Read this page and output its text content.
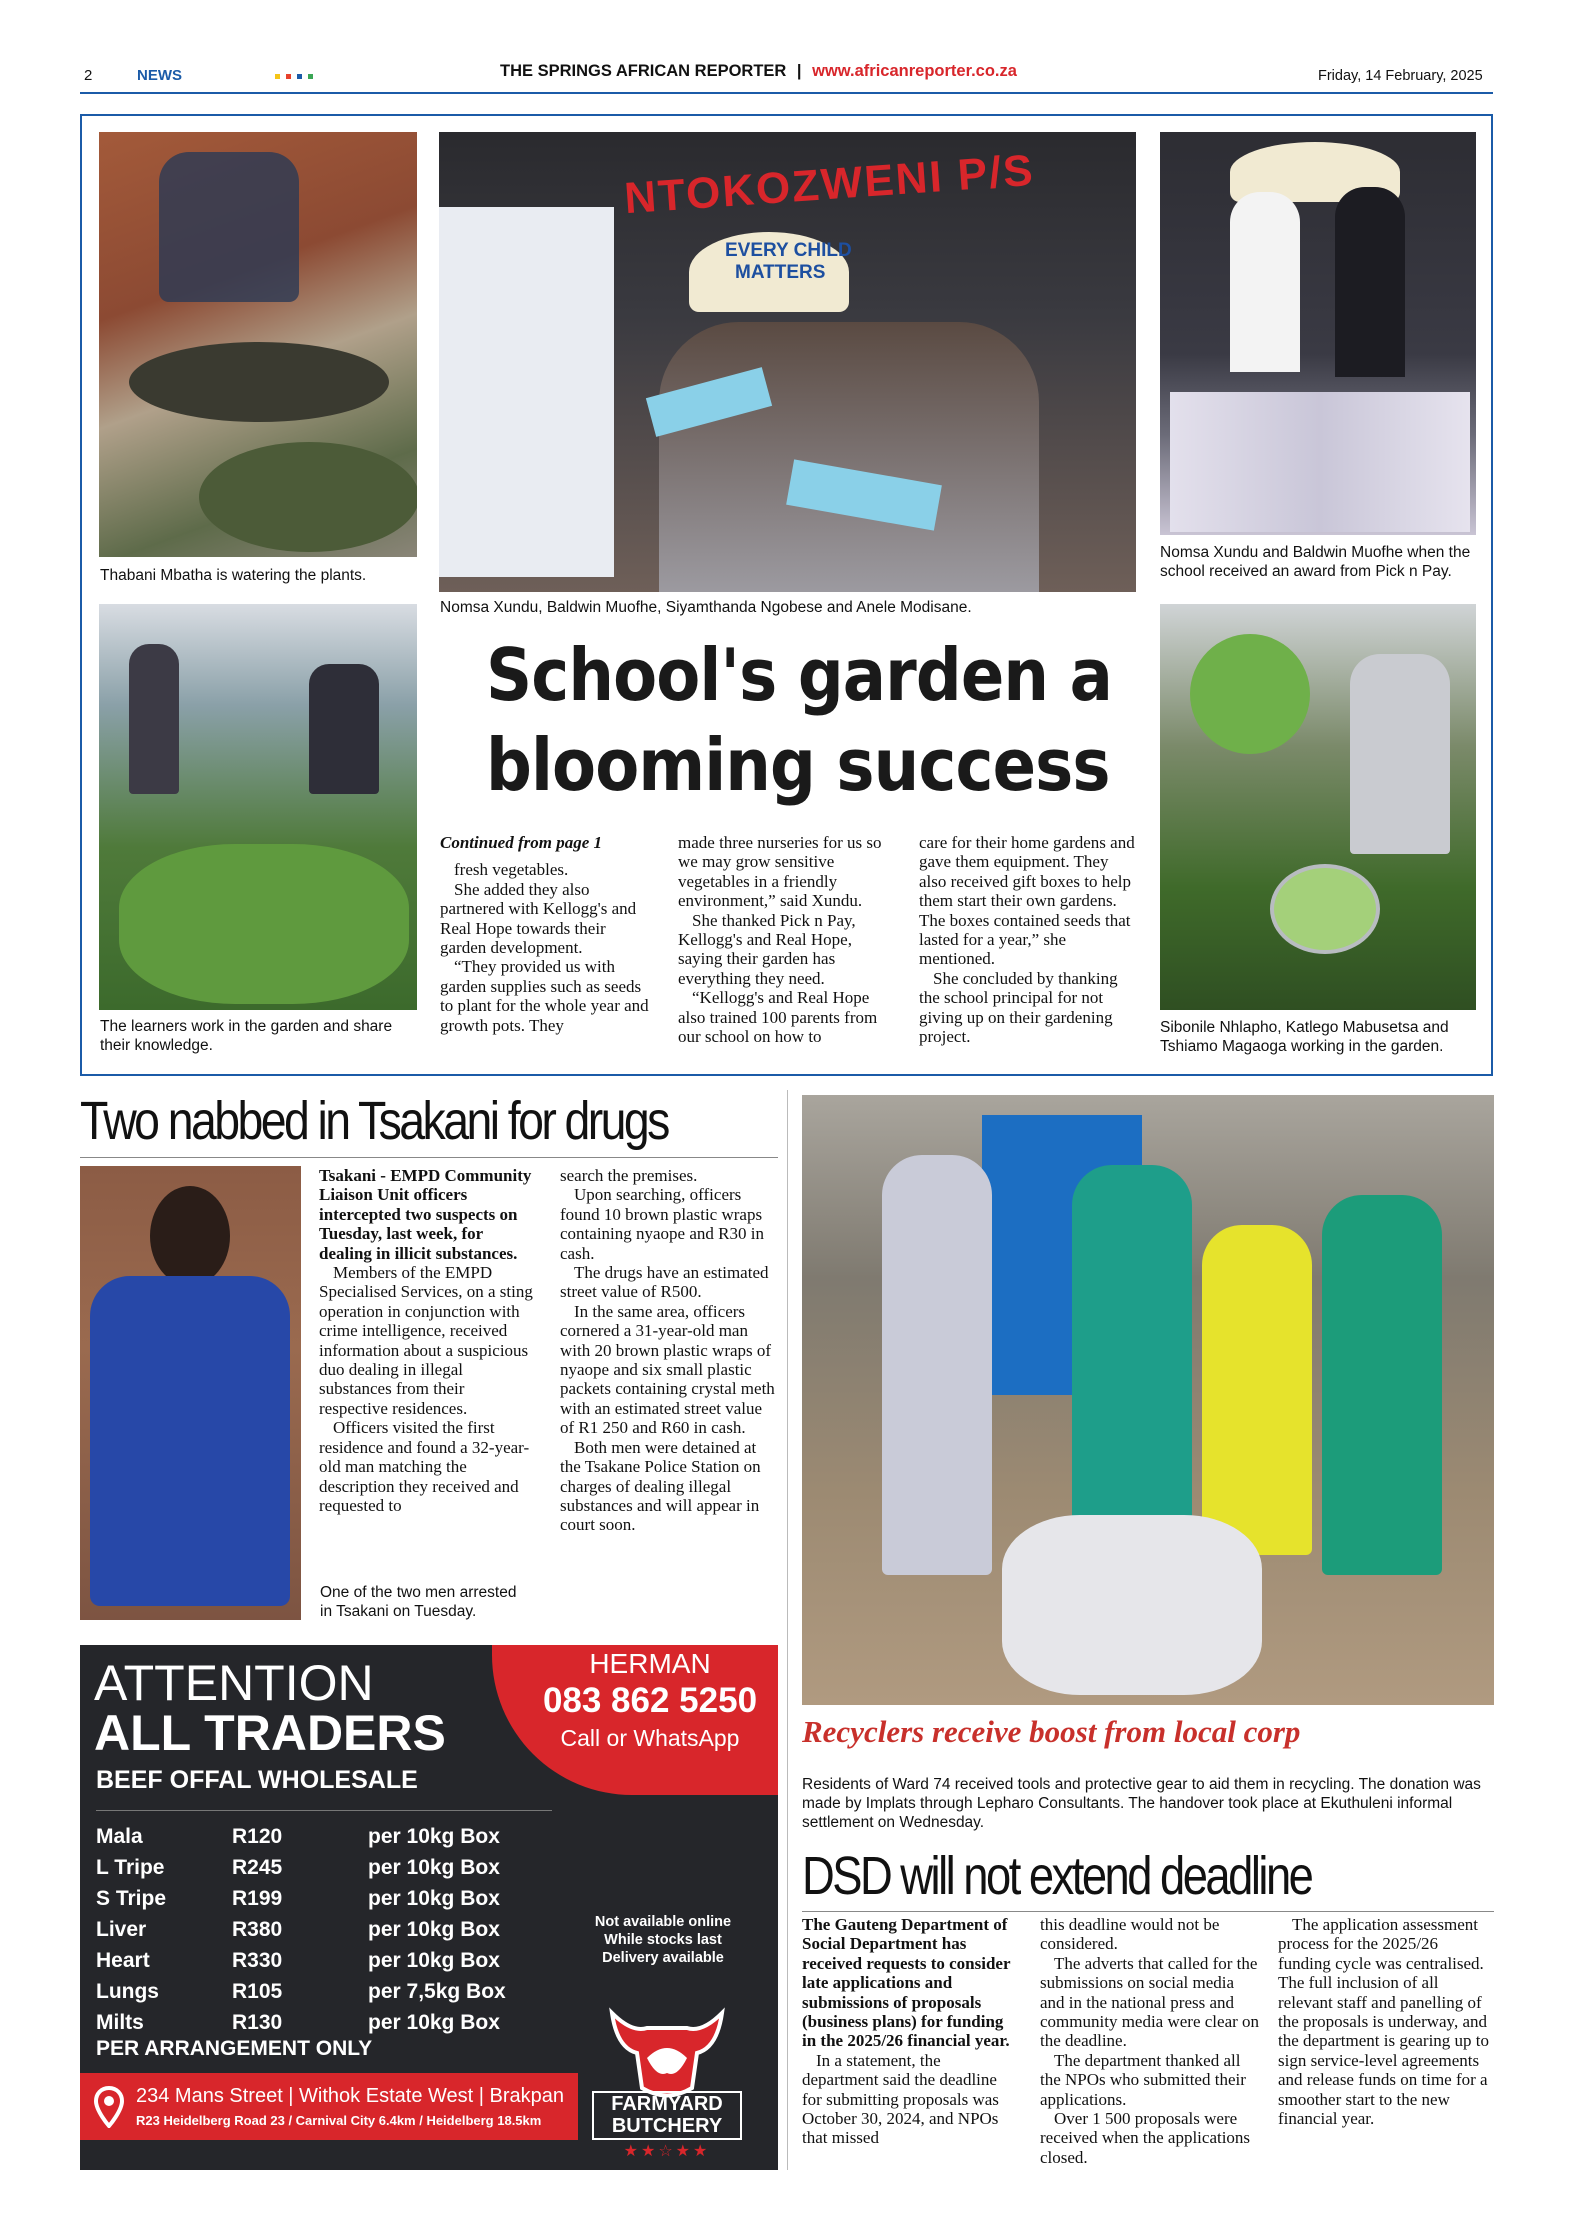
2	NEWS	THE SPRINGS AFRICAN REPORTER | www.africanreporter.co.za	Friday, 14 February, 2025
Thabani Mbatha is watering the plants.
NTOKOZWENI P/S
EVERY CHILD
MATTERS
Nomsa Xundu, Baldwin Muofhe, Siyamthanda Ngobese and Anele Modisane.
Nomsa Xundu and Baldwin Muofhe when the school received an award from Pick n Pay.
The learners work in the garden and share their knowledge.
Sibonile Nhlapho, Katlego Mabusetsa and Tshiamo Magaoga working in the garden.
School's garden a
blooming success

Continued from page 1

fresh vegetables.

She added they also partnered with Kellogg's and Real Hope towards their garden development.

“They provided us with garden supplies such as seeds to plant for the whole year and growth pots. They

made three nurseries for us so we may grow sensitive vegetables in a friendly environment,” said Xundu.

She thanked Pick n Pay, Kellogg's and Real Hope, saying their garden has everything they need.

“Kellogg's and Real Hope also trained 100 parents from our school on how to

care for their home gardens and gave them equipment. They also received gift boxes to help them start their own gardens. The boxes contained seeds that lasted for a year,” she mentioned.

She concluded by thanking the school principal for not giving up on their gardening project.

Two nabbed in Tsakani for drugs

Tsakani - EMPD Community Liaison Unit officers intercepted two suspects on Tuesday, last week, for dealing in illicit substances.

Members of the EMPD Specialised Services, on a sting operation in conjunction with crime intelligence, received information about a suspicious duo dealing in illegal substances from their respective residences.

Officers visited the first residence and found a 32-year-old man matching the description they received and requested to

One of the two men arrested in Tsakani on Tuesday.

search the premises.

Upon searching, officers found 10 brown plastic wraps containing nyaope and R30 in cash.

The drugs have an estimated street value of R500.

In the same area, officers cornered a 31-year-old man with 20 brown plastic wraps of nyaope and six small plastic packets containing crystal meth with an estimated street value of R1 250 and R60 in cash.

Both men were detained at the Tsakane Police Station on charges of dealing illegal substances and will appear in court soon.

Recyclers receive boost from local corp
Residents of Ward 74 received tools and protective gear to aid them in recycling. The donation was made by Implats through Lepharo Consultants. The handover took place at Ekuthuleni informal settlement on Wednesday.
DSD will not extend deadline

The Gauteng Department of Social Department has received requests to consider late applications and submissions of proposals (business plans) for funding in the 2025/26 financial year.

In a statement, the department said the deadline for submitting proposals was October 30, 2024, and NPOs that missed

this deadline would not be considered.

The adverts that called for the submissions on social media and in the national press and community media were clear on the deadline.

The department thanked all the NPOs who submitted their applications.

Over 1 500 proposals were received when the applications closed.

The application assessment process for the 2025/26 funding cycle was centralised. The full inclusion of all relevant staff and panelling of the proposals is underway, and the department is gearing up to sign service-level agreements and release funds on time for a smoother start to the new financial year.

ATTENTION
ALL TRADERS
BEEF OFFAL WHOLESALE
HERMAN
083 862 5250
Call or WhatsApp
Mala	R120	per 10kg Box
L Tripe	R245	per 10kg Box
S Tripe	R199	per 10kg Box
Liver	R380	per 10kg Box
Heart	R330	per 10kg Box
Lungs	R105	per 7,5kg Box
Milts	R130	per 10kg Box
Not available online
While stocks last
Delivery available
PER ARRANGEMENT ONLY
FARMYARD
BUTCHERY
★★☆★★
234 Mans Street | Withok Estate West | Brakpan
R23 Heidelberg Road 23 / Carnival City 6.4km / Heidelberg 18.5km
